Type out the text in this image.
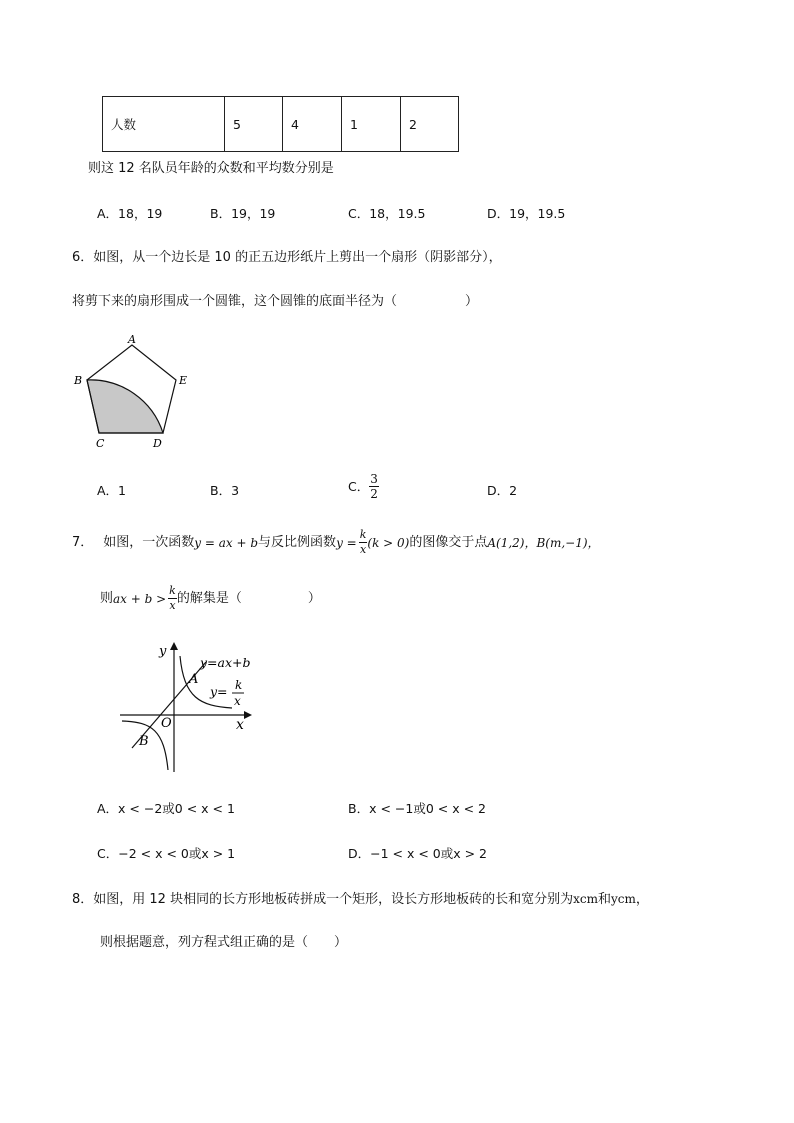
人数	5	4	1	2
则这 12 名队员年龄的众数和平均数分别是
A．18，19	B．19，19	C．18，19.5	D．19，19.5
6．如图，从一个边长是 10 的正五边形纸片上剪出一个扇形（阴影部分），
将剪下来的扇形围成一个圆锥，这个圆锥的底面半径为（	）
A
B
C	D
E
A．1	B．3	C． $\frac{3}{2}$	D．2
7． 如图，一次函数 y = ax + b 与反比例函数 $y = \frac{k}{x} (k > 0)$ 的图像交于点 A(1,2)， B(m,−1)，
则 ax + $b > \frac{k}{x}$ 的解集是（	）
y
x
O
A
B
y=ax+b
y= k
x
A．x < −2或0 < x < 1	B．x < −1或0 < x < 2
C．−2 < x < 0或x > 1	D．−1 < x < 0或x > 2
8．如图，用 12 块相同的长方形地板砖拼成一个矩形，设长方形地板砖的长和宽分别为xcm和ycm，
则根据题意，列方程式组正确的是（　　）
